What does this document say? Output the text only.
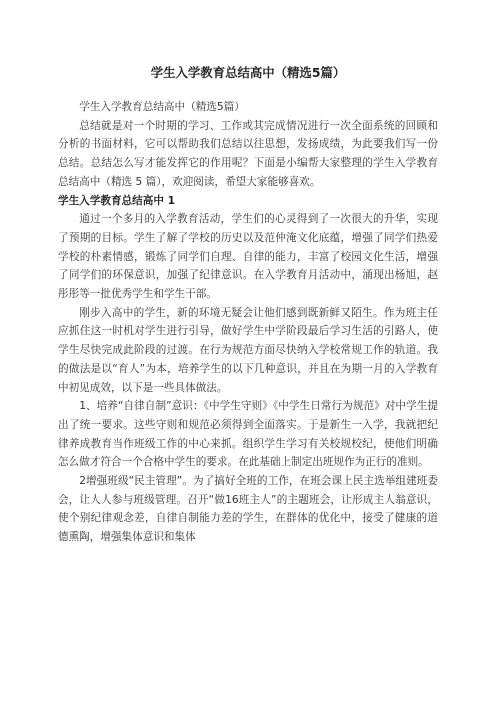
学生入学教育总结高中（精选5篇）

学生入学教育总结高中（精选5篇）

总结就是对一个时期的学习、工作或其完成情况进行一次全面系统的回顾和分析的书面材料，它可以帮助我们总结以往思想，发扬成绩，为此要我们写一份总结。总结怎么写才能发挥它的作用呢？下面是小编帮大家整理的学生入学教育总结高中（精选 5 篇），欢迎阅读，希望大家能够喜欢。

学生入学教育总结高中 1

通过一个多月的入学教育活动，学生们的心灵得到了一次很大的升华，实现了预期的目标。学生了解了学校的历史以及范仲淹文化底蕴，增强了同学们热爱学校的朴素情感，锻炼了同学们自理、自律的能力，丰富了校园文化生活，增强了同学们的环保意识，加强了纪律意识。在入学教育月活动中，涌现出杨旭，赵彤彤等一批优秀学生和学生干部。

刚步入高中的学生，新的环境无疑会让他们感到既新鲜又陌生。作为班主任应抓住这一时机对学生进行引导，做好学生中学阶段最后学习生活的引路人，使学生尽快完成此阶段的过渡。在行为规范方面尽快纳入学校常规工作的轨道。我的做法是以“育人”为本，培养学生的以下几种意识，并且在为期一月的入学教育中初见成效，以下是一些具体做法。

1、培养“自律自制”意识：《中学生守则》《中学生日常行为规范》对中学生提出了统一要求。这些守则和规范必须得到全面落实。于是新生一入学，我就把纪律养成教育当作班级工作的中心来抓。组织学生学习有关校规校纪，使他们明确怎么做才符合一个合格中学生的要求。在此基础上制定出班规作为正行的准则。

2增强班级“民主管理”。为了搞好全班的工作，在班会课上民主选举组建班委会，让人人参与班级管理。召开“做16班主人”的主题班会，让形成主人翁意识，使个别纪律观念差，自律自制能力差的学生，在群体的优化中，接受了健康的道德熏陶，增强集体意识和集体
